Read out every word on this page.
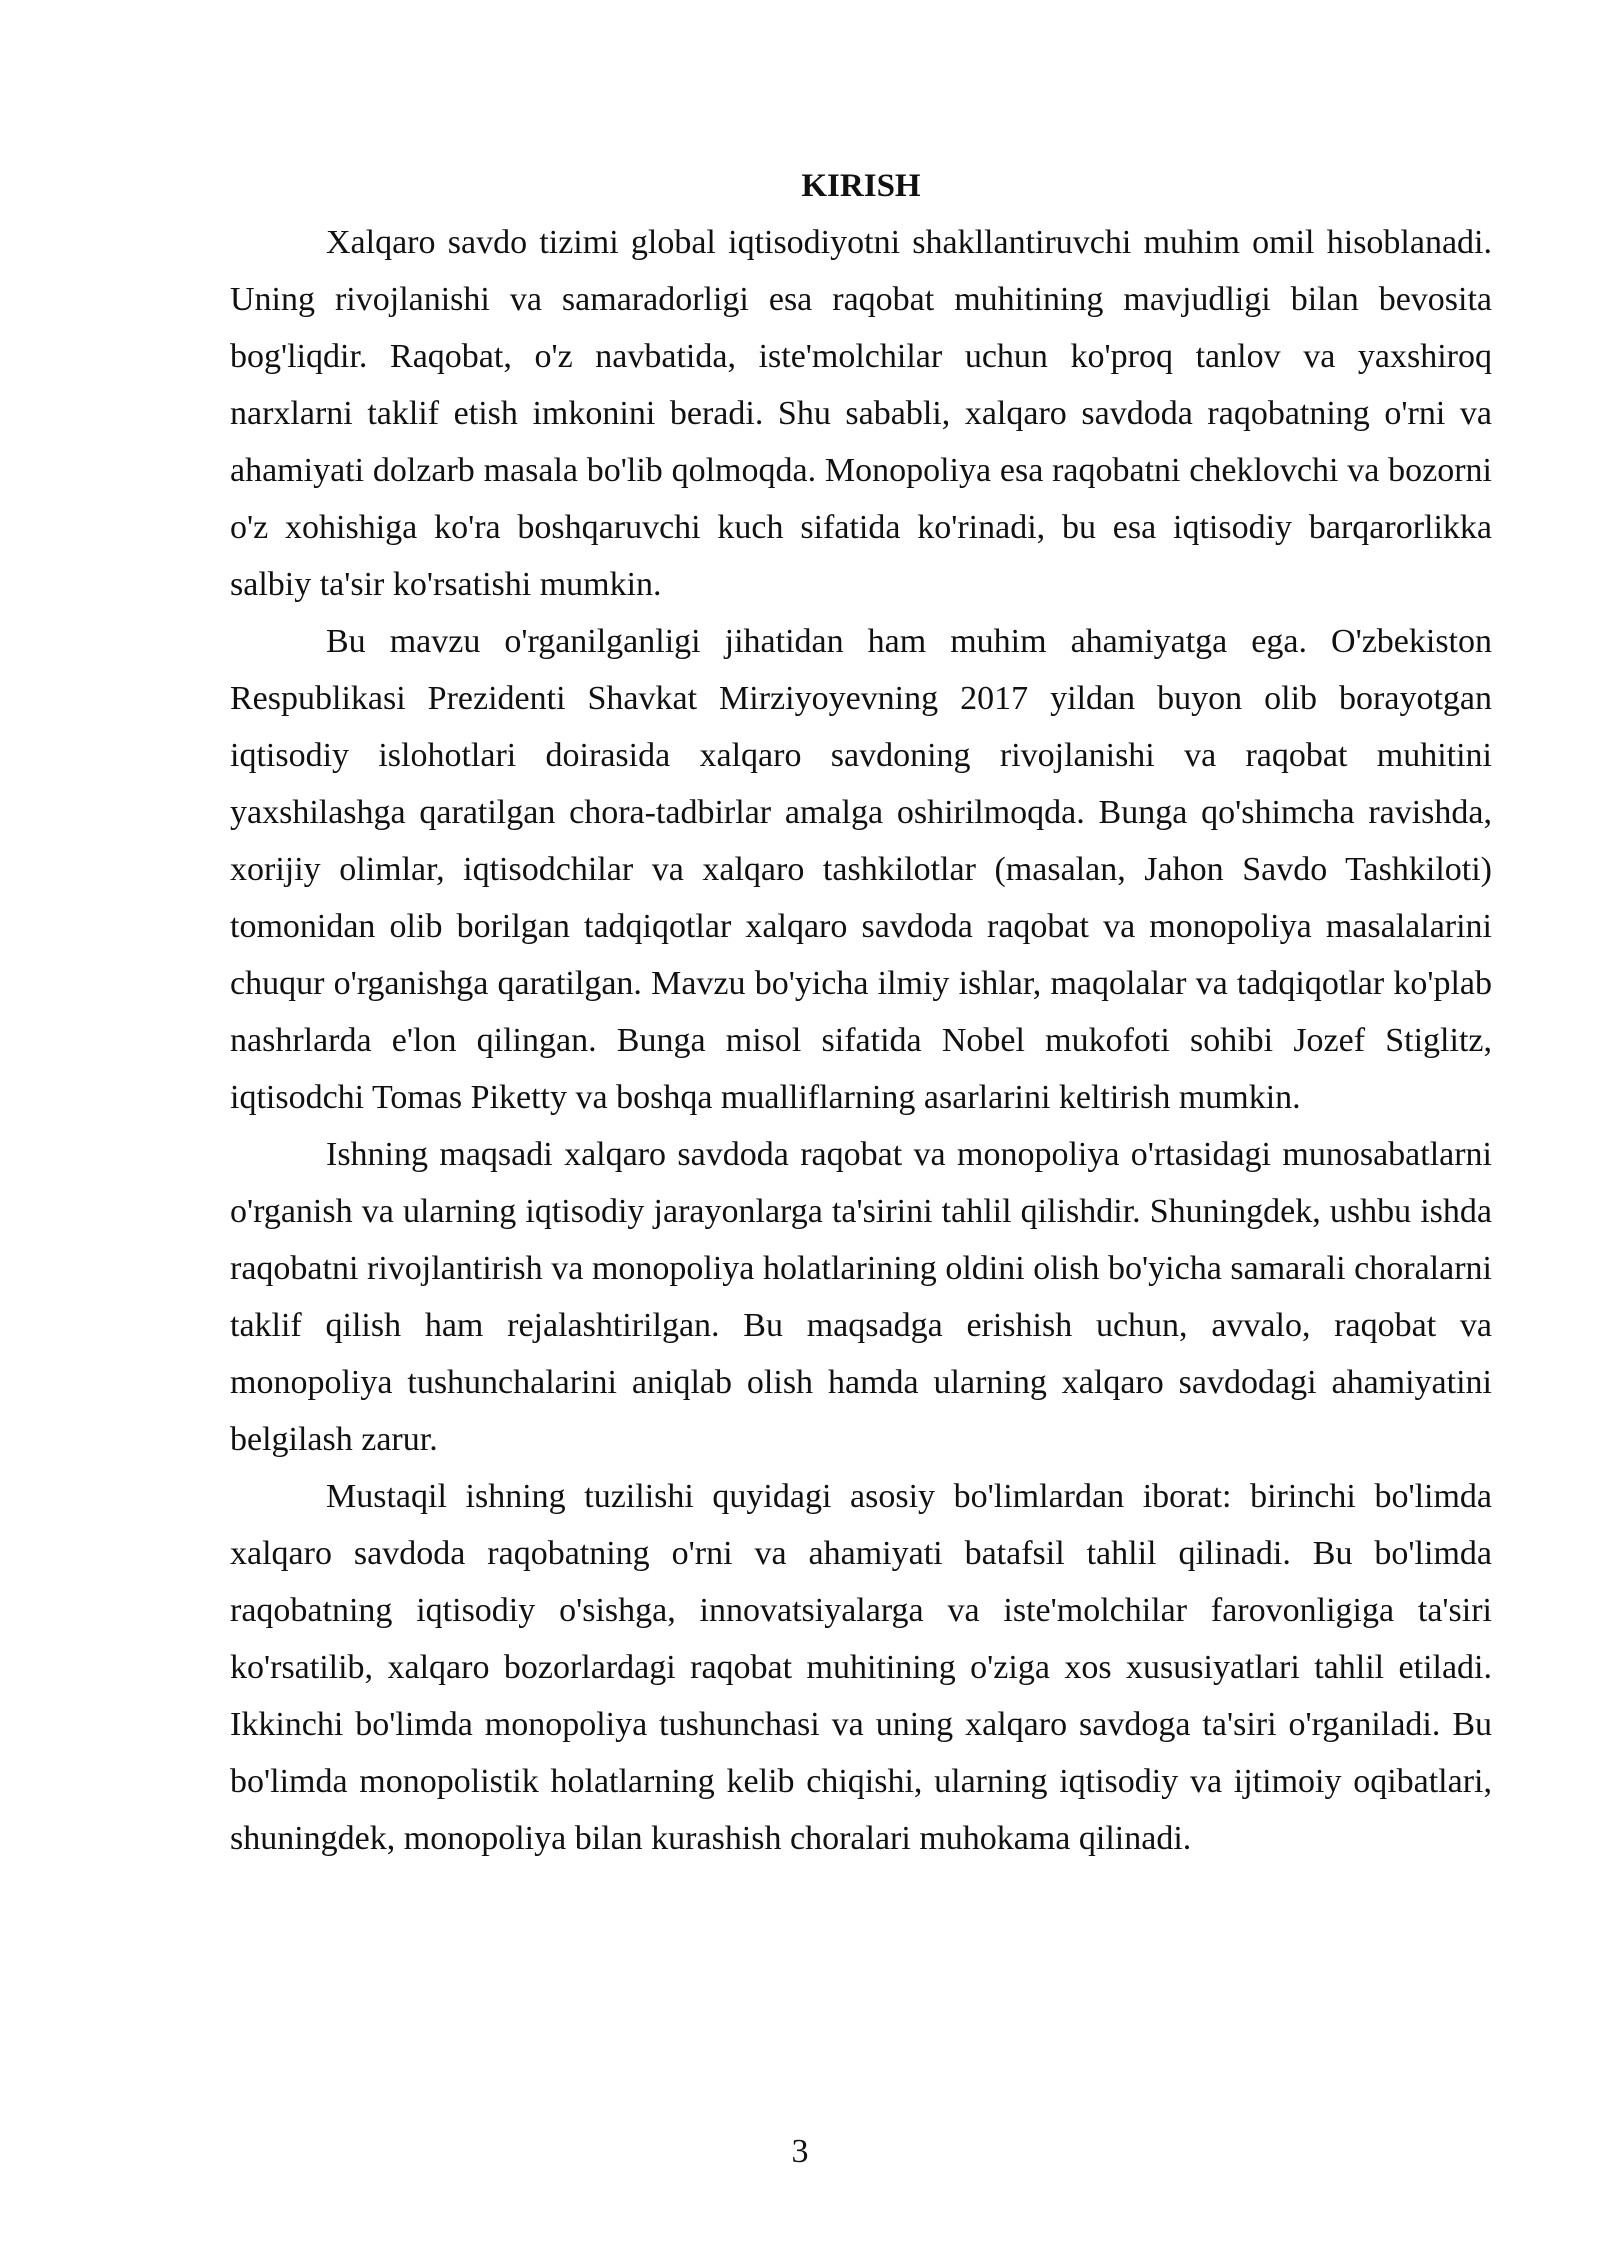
KIRISH

Xalqaro savdo tizimi global iqtisodiyotni shakllantiruvchi muhim omil hisoblanadi. Uning rivojlanishi va samaradorligi esa raqobat muhitining mavjudligi bilan bevosita bog'liqdir. Raqobat, o'z navbatida, iste'molchilar uchun ko'proq tanlov va yaxshiroq narxlarni taklif etish imkonini beradi. Shu sababli, xalqaro savdoda raqobatning o'rni va ahamiyati dolzarb masala bo'lib qolmoqda. Monopoliya esa raqobatni cheklovchi va bozorni o'z xohishiga ko'ra boshqaruvchi kuch sifatida ko'rinadi, bu esa iqtisodiy barqarorlikka salbiy ta'sir ko'rsatishi mumkin.

Bu mavzu o'rganilganligi jihatidan ham muhim ahamiyatga ega. O'zbekiston Respublikasi Prezidenti Shavkat Mirziyoyevning 2017 yildan buyon olib borayotgan iqtisodiy islohotlari doirasida xalqaro savdoning rivojlanishi va raqobat muhitini yaxshilashga qaratilgan chora-tadbirlar amalga oshirilmoqda. Bunga qo'shimcha ravishda, xorijiy olimlar, iqtisodchilar va xalqaro tashkilotlar (masalan, Jahon Savdo Tashkiloti) tomonidan olib borilgan tadqiqotlar xalqaro savdoda raqobat va monopoliya masalalarini chuqur o'rganishga qaratilgan. Mavzu bo'yicha ilmiy ishlar, maqolalar va tadqiqotlar ko'plab nashrlarda e'lon qilingan. Bunga misol sifatida Nobel mukofoti sohibi Jozef Stiglitz, iqtisodchi Tomas Piketty va boshqa mualliflarning asarlarini keltirish mumkin.

Ishning maqsadi xalqaro savdoda raqobat va monopoliya o'rtasidagi munosabatlarni o'rganish va ularning iqtisodiy jarayonlarga ta'sirini tahlil qilishdir. Shuningdek, ushbu ishda raqobatni rivojlantirish va monopoliya holatlarining oldini olish bo'yicha samarali choralarni taklif qilish ham rejalashtirilgan. Bu maqsadga erishish uchun, avvalo, raqobat va monopoliya tushunchalarini aniqlab olish hamda ularning xalqaro savdodagi ahamiyatini belgilash zarur.

Mustaqil ishning tuzilishi quyidagi asosiy bo'limlardan iborat: birinchi bo'limda xalqaro savdoda raqobatning o'rni va ahamiyati batafsil tahlil qilinadi. Bu bo'limda raqobatning iqtisodiy o'sishga, innovatsiyalarga va iste'molchilar farovonligiga ta'siri ko'rsatilib, xalqaro bozorlardagi raqobat muhitining o'ziga xos xususiyatlari tahlil etiladi. Ikkinchi bo'limda monopoliya tushunchasi va uning xalqaro savdoga ta'siri o'rganiladi. Bu bo'limda monopolistik holatlarning kelib chiqishi, ularning iqtisodiy va ijtimoiy oqibatlari, shuningdek, monopoliya bilan kurashish choralari muhokama qilinadi.

3
